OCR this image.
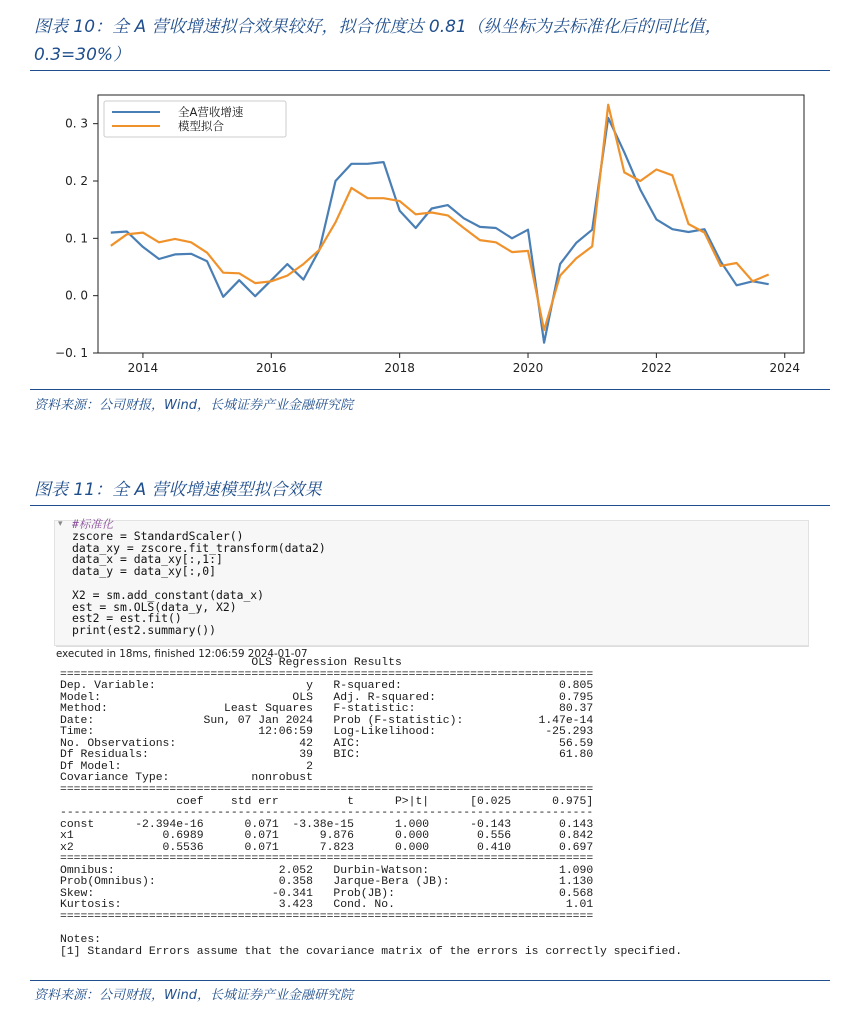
图表 10：全 A 营收增速拟合效果较好，拟合优度达 0.81（纵坐标为去标准化后的同比值，
0.3=30%）
−0. 1
0. 0
0. 1
0. 2
0. 3
2014	2016	2018	2020	2022	2024
全A营收增速
模型拟合
资料来源：公司财报，Wind，长城证券产业金融研究院
图表 11：全 A 营收增速模型拟合效果
▾ #标准化
zscore = StandardScaler()
data_xy = zscore.fit_transform(data2)
data_x = data_xy[:,1:]
data_y = data_xy[:,0]

X2 = sm.add_constant(data_x)
est = sm.OLS(data_y, X2)
est2 = est.fit()
print(est2.summary())
executed in 18ms, finished 12:06:59 2024-01-07
OLS Regression Results
==============================================================================
Dep. Variable:                      y   R-squared:                       0.805
Model:                            OLS   Adj. R-squared:                  0.795
Method:                 Least Squares   F-statistic:                     80.37
Date:                Sun, 07 Jan 2024   Prob (F-statistic):           1.47e-14
Time:                        12:06:59   Log-Likelihood:                -25.293
No. Observations:                  42   AIC:                             56.59
Df Residuals:                      39   BIC:                             61.80
Df Model:                           2
Covariance Type:            nonrobust
==============================================================================
coef    std err          t      P>|t|      [0.025      0.975]
------------------------------------------------------------------------------
const      -2.394e-16      0.071  -3.38e-15      1.000      -0.143       0.143
x1             0.6989      0.071      9.876      0.000       0.556       0.842
x2             0.5536      0.071      7.823      0.000       0.410       0.697
==============================================================================
Omnibus:                        2.052   Durbin-Watson:                   1.090
Prob(Omnibus):                  0.358   Jarque-Bera (JB):                1.130
Skew:                          -0.341   Prob(JB):                        0.568
Kurtosis:                       3.423   Cond. No.                         1.01
==============================================================================

Notes:
[1] Standard Errors assume that the covariance matrix of the errors is correctly specified.
资料来源：公司财报，Wind，长城证券产业金融研究院
